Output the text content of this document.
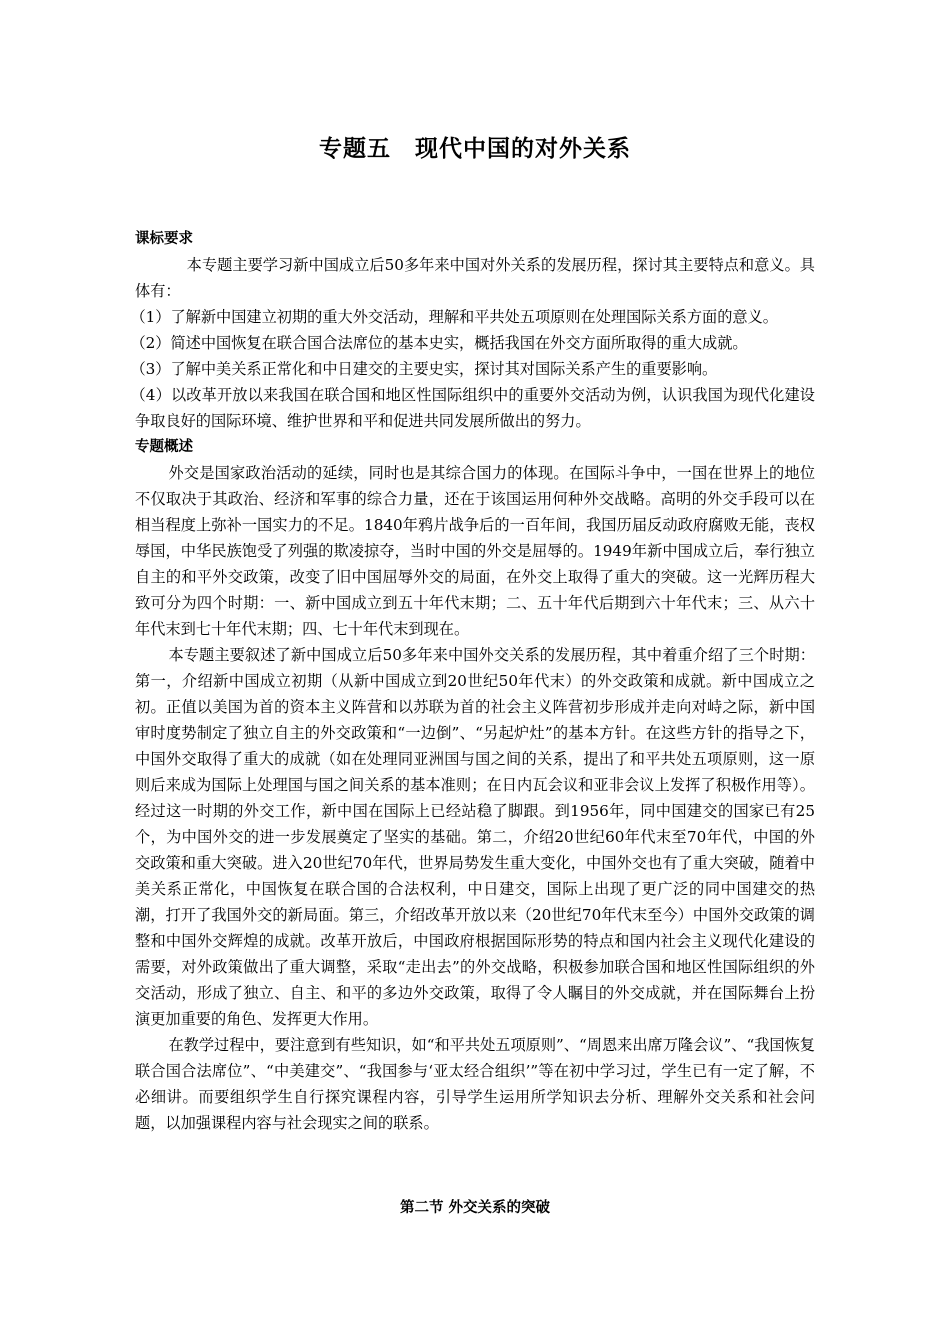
专题五　现代中国的对外关系
课标要求

本专题主要学习新中国成立后50多年来中国对外关系的发展历程，探讨其主要特点和意义。具体有：

（1）了解新中国建立初期的重大外交活动，理解和平共处五项原则在处理国际关系方面的意义。

（2）简述中国恢复在联合国合法席位的基本史实，概括我国在外交方面所取得的重大成就。

（3）了解中美关系正常化和中日建交的主要史实，探讨其对国际关系产生的重要影响。

（4）以改革开放以来我国在联合国和地区性国际组织中的重要外交活动为例，认识我国为现代化建设争取良好的国际环境、维护世界和平和促进共同发展所做出的努力。

专题概述

外交是国家政治活动的延续，同时也是其综合国力的体现。在国际斗争中，一国在世界上的地位不仅取决于其政治、经济和军事的综合力量，还在于该国运用何种外交战略。高明的外交手段可以在相当程度上弥补一国实力的不足。1840年鸦片战争后的一百年间，我国历届反动政府腐败无能，丧权辱国，中华民族饱受了列强的欺凌掠夺，当时中国的外交是屈辱的。1949年新中国成立后，奉行独立自主的和平外交政策，改变了旧中国屈辱外交的局面，在外交上取得了重大的突破。这一光辉历程大致可分为四个时期：一、新中国成立到五十年代末期；二、五十年代后期到六十年代末；三、从六十年代末到七十年代末期；四、七十年代末到现在。

本专题主要叙述了新中国成立后50多年来中国外交关系的发展历程，其中着重介绍了三个时期：第一，介绍新中国成立初期（从新中国成立到20世纪50年代末）的外交政策和成就。新中国成立之初。正值以美国为首的资本主义阵营和以苏联为首的社会主义阵营初步形成并走向对峙之际，新中国审时度势制定了独立自主的外交政策和“一边倒”、“另起炉灶”的基本方针。在这些方针的指导之下，中国外交取得了重大的成就（如在处理同亚洲国与国之间的关系，提出了和平共处五项原则，这一原则后来成为国际上处理国与国之间关系的基本准则；在日内瓦会议和亚非会议上发挥了积极作用等）。经过这一时期的外交工作，新中国在国际上已经站稳了脚跟。到1956年，同中国建交的国家已有25个，为中国外交的进一步发展奠定了坚实的基础。第二，介绍20世纪60年代末至70年代，中国的外交政策和重大突破。进入20世纪70年代，世界局势发生重大变化，中国外交也有了重大突破，随着中美关系正常化，中国恢复在联合国的合法权利，中日建交，国际上出现了更广泛的同中国建交的热潮，打开了我国外交的新局面。第三，介绍改革开放以来（20世纪70年代末至今）中国外交政策的调整和中国外交辉煌的成就。改革开放后，中国政府根据国际形势的特点和国内社会主义现代化建设的需要，对外政策做出了重大调整，采取“走出去”的外交战略，积极参加联合国和地区性国际组织的外交活动，形成了独立、自主、和平的多边外交政策，取得了令人瞩目的外交成就，并在国际舞台上扮演更加重要的角色、发挥更大作用。

在教学过程中，要注意到有些知识，如“和平共处五项原则”、“周恩来出席万隆会议”、“我国恢复联合国合法席位”、“中美建交”、“我国参与‘亚太经合组织’”等在初中学习过，学生已有一定了解，不必细讲。而要组织学生自行探究课程内容，引导学生运用所学知识去分析、理解外交关系和社会问题，以加强课程内容与社会现实之间的联系。

第二节 外交关系的突破
